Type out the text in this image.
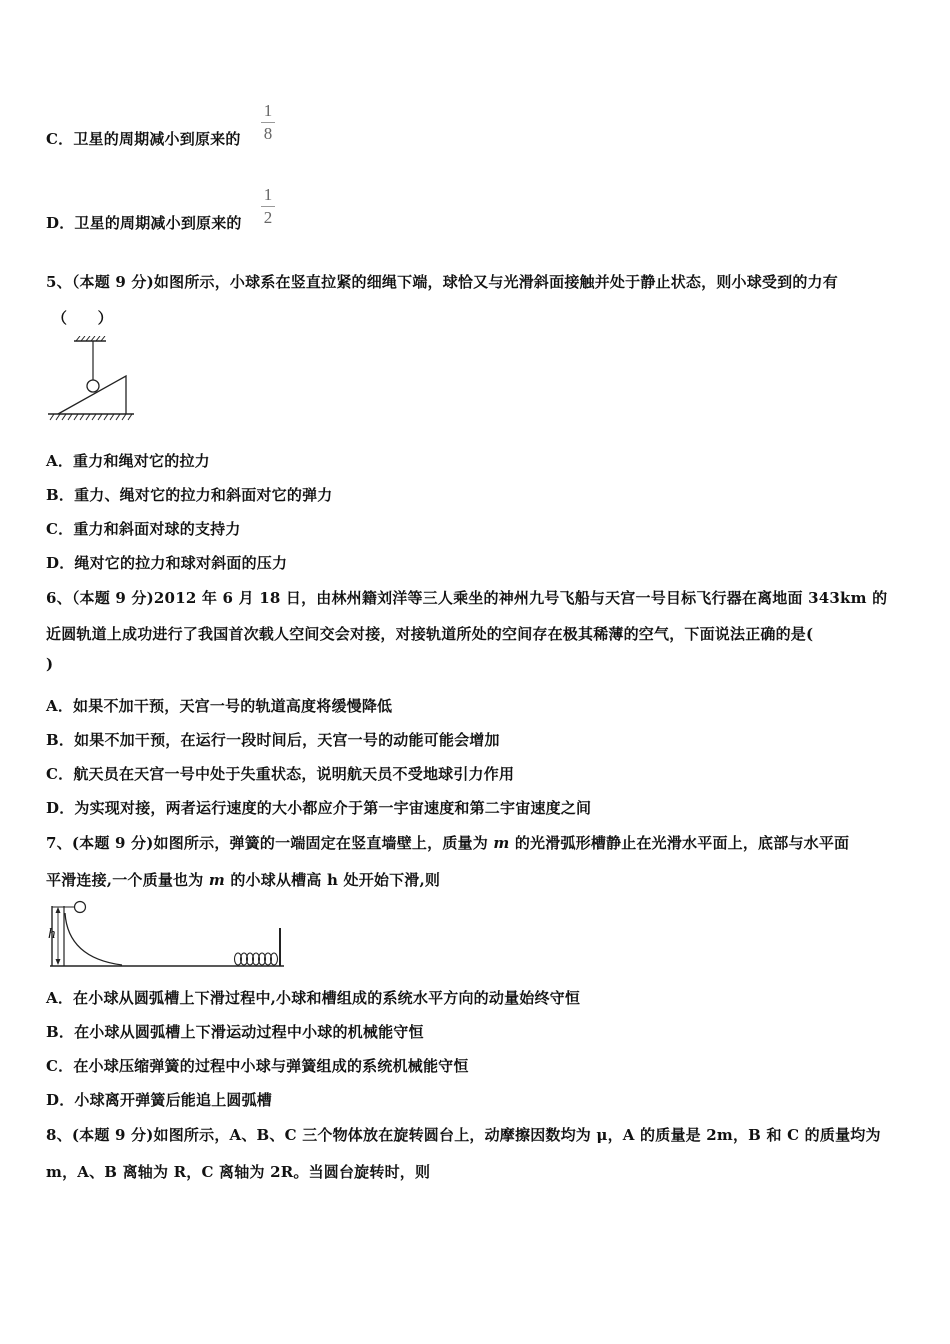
C．卫星的周期减小到原来的
1
8
D．卫星的周期减小到原来的
1
2
5、（本题 9 分)如图所示，小球系在竖直拉紧的细绳下端，球恰又与光滑斜面接触并处于静止状态，则小球受到的力有
（　　）
A．重力和绳对它的拉力
B．重力、绳对它的拉力和斜面对它的弹力
C．重力和斜面对球的支持力
D．绳对它的拉力和球对斜面的压力
6、（本题 9 分)2012 年 6 月 18 日，由林州籍刘洋等三人乘坐的神州九号飞船与天宫一号目标飞行器在离地面 343km 的
近圆轨道上成功进行了我国首次载人空间交会对接，对接轨道所处的空间存在极其稀薄的空气，下面说法正确的是(
)
A．如果不加干预，天宫一号的轨道高度将缓慢降低
B．如果不加干预，在运行一段时间后，天宫一号的动能可能会增加
C．航天员在天宫一号中处于失重状态，说明航天员不受地球引力作用
D．为实现对接，两者运行速度的大小都应介于第一宇宙速度和第二宇宙速度之间
7、(本题 9 分)如图所示，弹簧的一端固定在竖直墙壁上，质量为 m 的光滑弧形槽静止在光滑水平面上，底部与水平面
平滑连接,一个质量也为 m 的小球从槽高 h 处开始下滑,则
h
A．在小球从圆弧槽上下滑过程中,小球和槽组成的系统水平方向的动量始终守恒
B．在小球从圆弧槽上下滑运动过程中小球的机械能守恒
C．在小球压缩弹簧的过程中小球与弹簧组成的系统机械能守恒
D．小球离开弹簧后能追上圆弧槽
8、(本题 9 分)如图所示，A、B、C 三个物体放在旋转圆台上，动摩擦因数均为 μ，A 的质量是 2m，B 和 C 的质量均为
m，A、B 离轴为 R，C 离轴为 2R。当圆台旋转时，则
